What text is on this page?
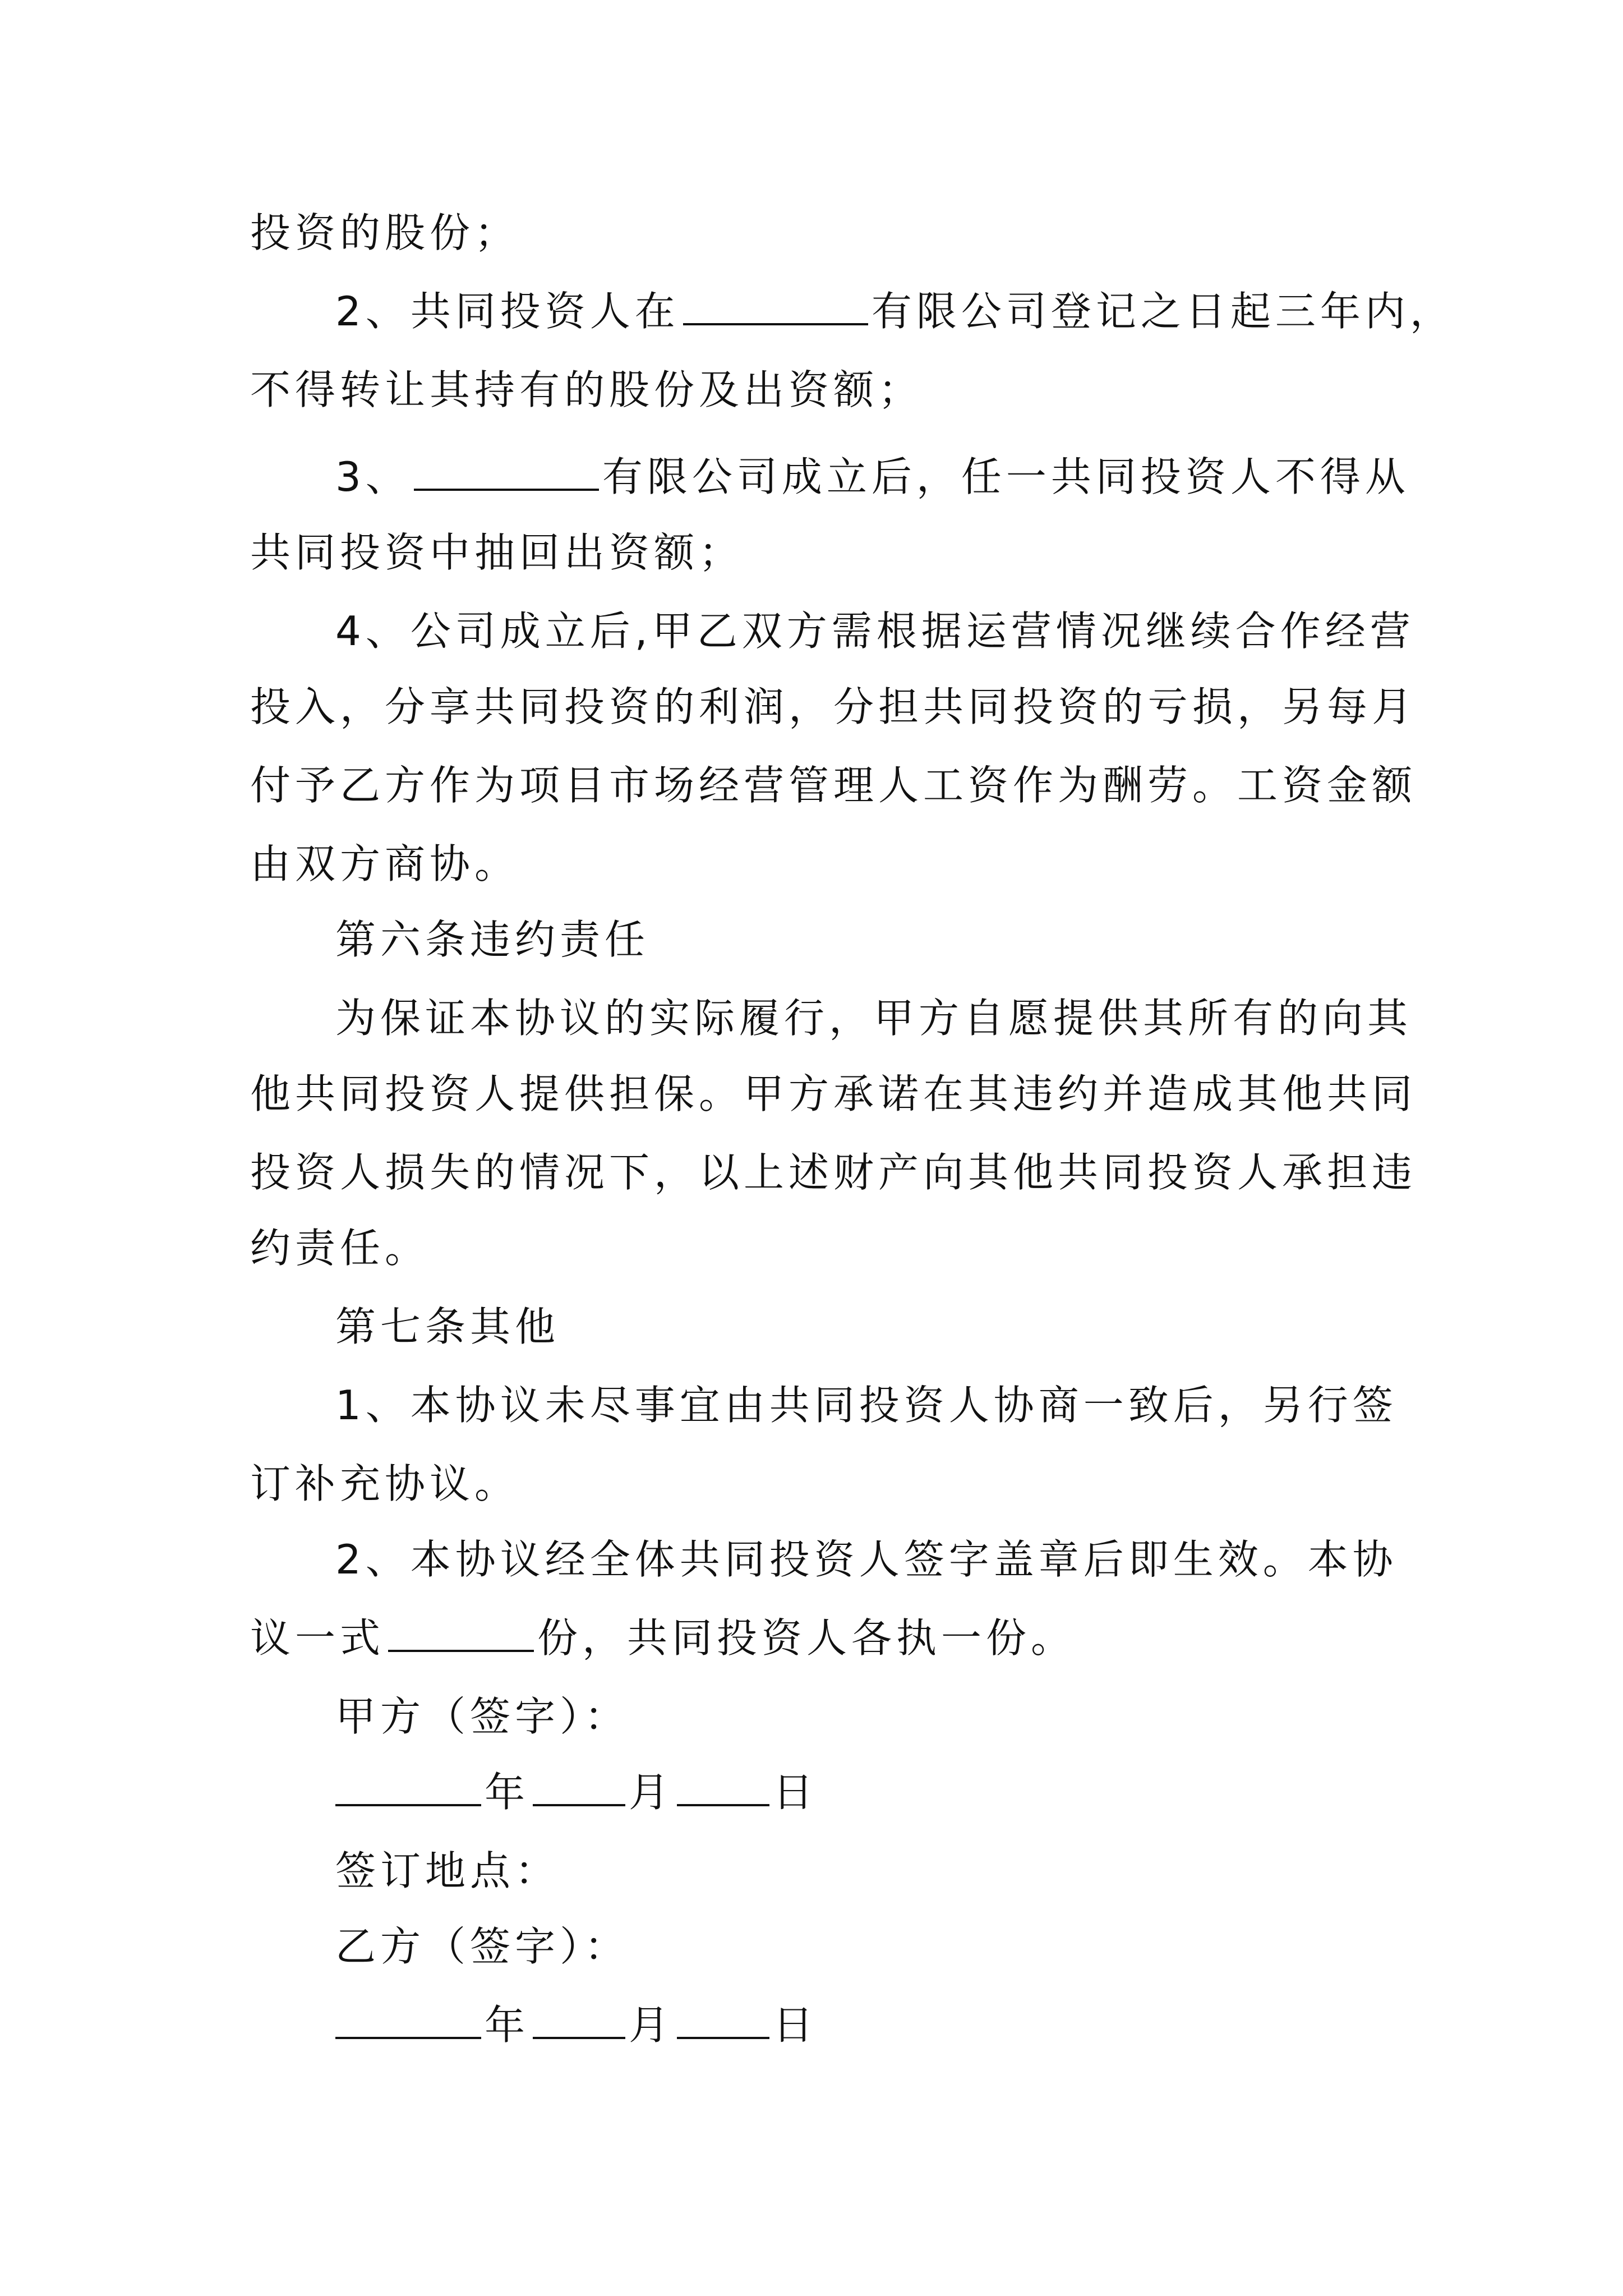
投资的股份；
2、共同投资人在	有限公司登记之日起三年内，
不得转让其持有的股份及出资额；
3、	有限公司成立后，任一共同投资人不得从
共同投资中抽回出资额；
4、公司成立后,甲乙双方需根据运营情况继续合作经营
投入，分享共同投资的利润，分担共同投资的亏损，另每月
付予乙方作为项目市场经营管理人工资作为酬劳。工资金额
由双方商协。
第六条违约责任
为保证本协议的实际履行，甲方自愿提供其所有的向其
他共同投资人提供担保。甲方承诺在其违约并造成其他共同
投资人损失的情况下，以上述财产向其他共同投资人承担违
约责任。
第七条其他
1、本协议未尽事宜由共同投资人协商一致后，另行签
订补充协议。
2、本协议经全体共同投资人签字盖章后即生效。本协
议一式	份，共同投资人各执一份。
甲方（签字）：
年 月 日
签订地点：
乙方（签字）：
年 月 日
